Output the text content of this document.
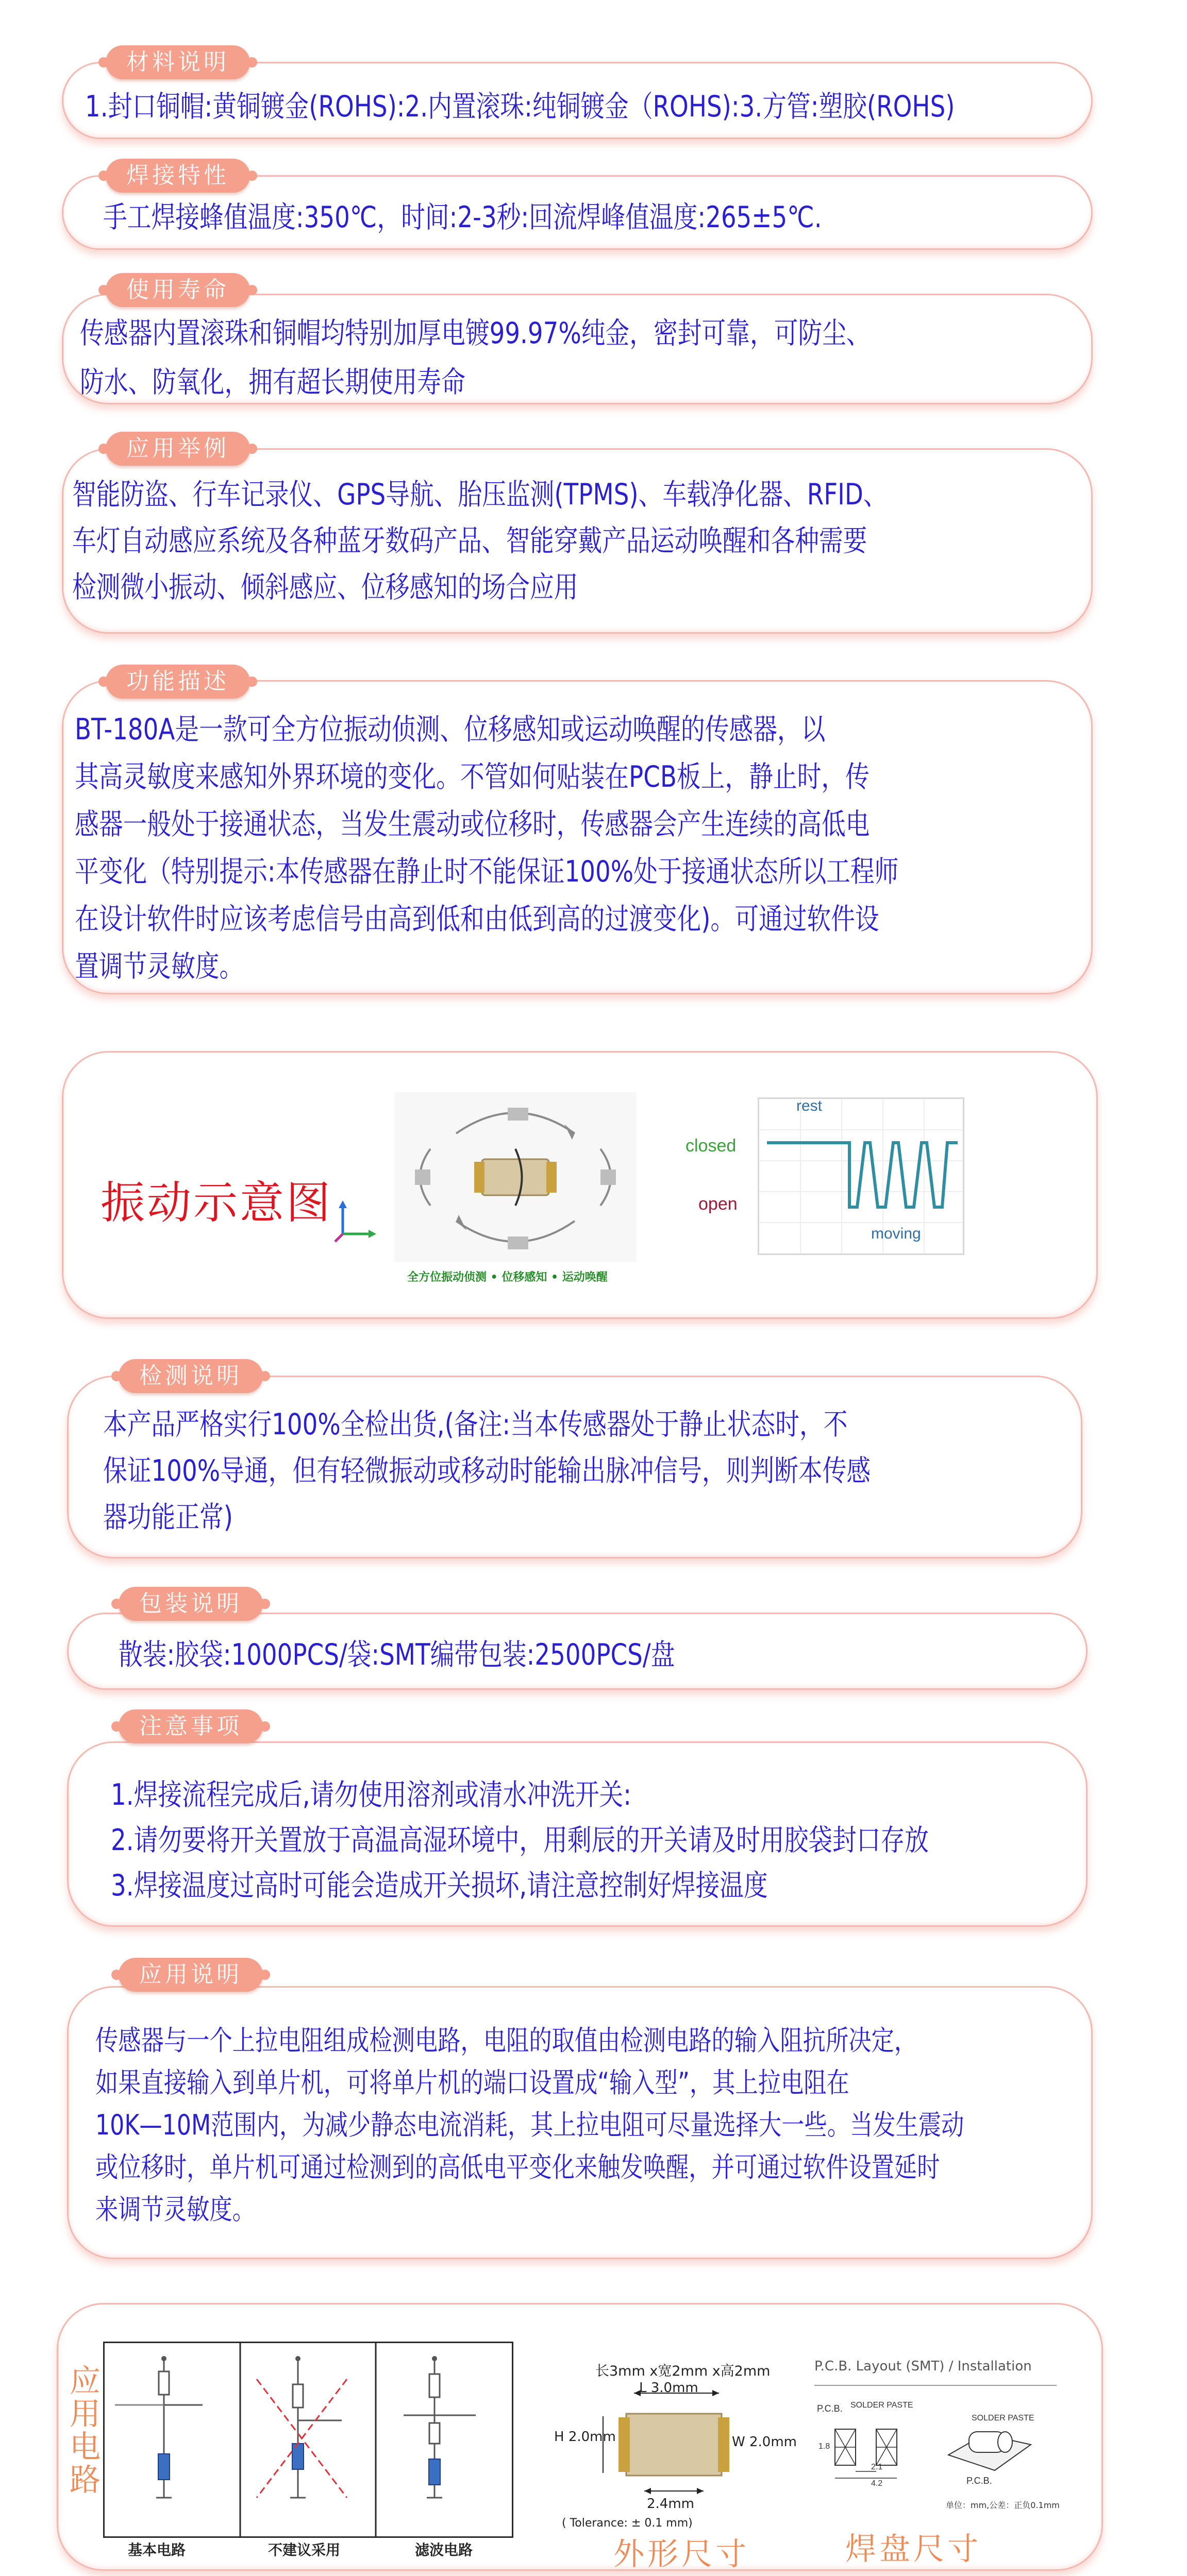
材料说明
1.封口铜帽:黄铜镀金(ROHS):2.内置滚珠:纯铜镀金（ROHS):3.方管:塑胶(ROHS)
焊接特性
手工焊接蜂值温度:350℃，时间:2-3秒:回流焊峰值温度:265±5℃.
使用寿命
传感器内置滚珠和铜帽均特别加厚电镀99.97%纯金，密封可靠，可防尘、
防水、防氧化，拥有超长期使用寿命
应用举例
智能防盗、行车记录仪、GPS导航、胎压监测(TPMS)、车载净化器、RFID、
车灯自动感应系统及各种蓝牙数码产品、智能穿戴产品运动唤醒和各种需要
检测微小振动、倾斜感应、位移感知的场合应用
功能描述
BT-180A是一款可全方位振动侦测、位移感知或运动唤醒的传感器，以
其高灵敏度来感知外界环境的变化。不管如何贴装在PCB板上，静止时，传
感器一般处于接通状态，当发生震动或位移时，传感器会产生连续的高低电
平变化（特别提示:本传感器在静止时不能保证100%处于接通状态所以工程师
在设计软件时应该考虑信号由高到低和由低到高的过渡变化)。可通过软件设
置调节灵敏度。
振动示意图
全方位振动侦测 • 位移感知 • 运动唤醒
closed
open
rest
moving
检测说明
本产品严格实行100%全检出货,(备注:当本传感器处于静止状态时，不
保证100%导通，但有轻微振动或移动时能输出脉冲信号，则判断本传感
器功能正常)
包装说明
散装:胶袋:1000PCS/袋:SMT编带包装:2500PCS/盘
注意事项
1.焊接流程完成后,请勿使用溶剂或清水冲洗开关:
2.请勿要将开关置放于高温高湿环境中，用剩辰的开关请及时用胶袋封口存放
3.焊接温度过高时可能会造成开关损坏,请注意控制好焊接温度
应用说明
传感器与一个上拉电阻组成检测电路，电阻的取值由检测电路的输入阻抗所决定，
如果直接输入到单片机，可将单片机的端口设置成“输入型”，其上拉电阻在
10K—10M范围内，为减少静态电流消耗，其上拉电阻可尽量选择大一些。当发生震动
或位移时，单片机可通过检测到的高低电平变化来触发唤醒，并可通过软件设置延时
来调节灵敏度。
应
用
电
路
基本电路	不建议采用	滤波电路
长3mm x宽2mm x高2mm
L 3.0mm
H 2.0mm	W 2.0mm
2.4mm
( Tolerance: ± 0.1 mm)
外形尺寸
P.C.B. Layout (SMT) / Installation
P.C.B. SOLDER PASTE
SOLDER PASTE
P.C.B.
1.8
2.1
4.2
单位：mm,公差：正负0.1mm
焊盘尺寸
